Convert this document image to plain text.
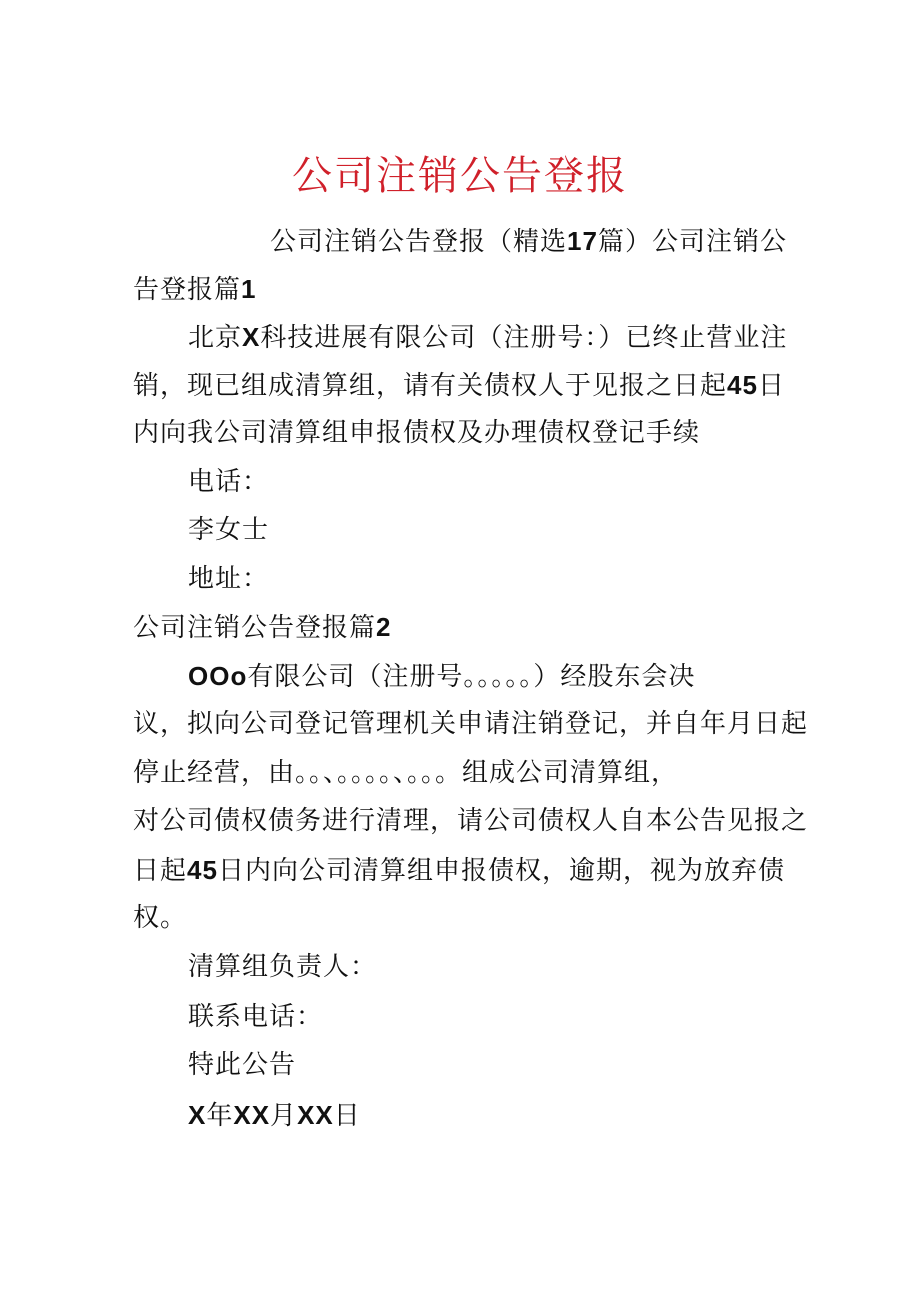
公司注销公告登报
公司注销公告登报（精选17篇）公司注销公
告登报篇1
北京X科技进展有限公司（注册号：）已终止营业注
销，现已组成清算组，请有关债权人于见报之日起45日
内向我公司清算组申报债权及办理债权登记手续
电话：
李女士
地址：
公司注销公告登报篇2
OOo有限公司（注册号。。。。。）经股东会决
议，拟向公司登记管理机关申请注销登记，并自年月日起
停止经营，由。。、。。。。、。。。组成公司清算组，
对公司债权债务进行清理，请公司债权人自本公告见报之
日起45日内向公司清算组申报债权，逾期，视为放弃债
权。
清算组负责人：
联系电话：
特此公告
X年XX月XX日
